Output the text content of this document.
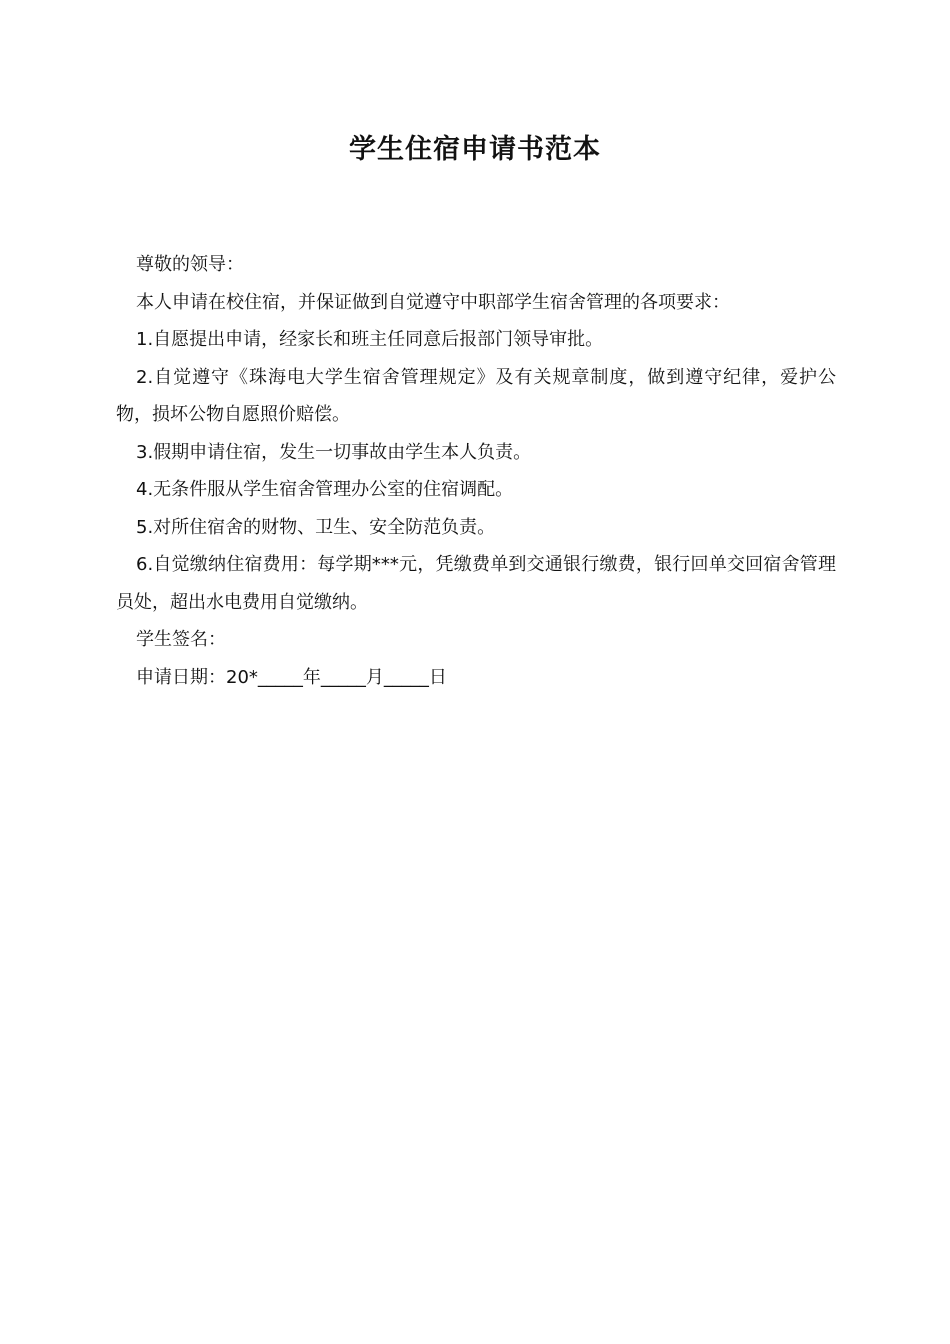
学生住宿申请书范本

尊敬的领导：

本人申请在校住宿，并保证做到自觉遵守中职部学生宿舍管理的各项要求：

1.自愿提出申请，经家长和班主任同意后报部门领导审批。

2.自觉遵守《珠海电大学生宿舍管理规定》及有关规章制度，做到遵守纪律，爱护公物，损坏公物自愿照价赔偿。

3.假期申请住宿，发生一切事故由学生本人负责。

4.无条件服从学生宿舍管理办公室的住宿调配。

5.对所住宿舍的财物、卫生、安全防范负责。

6.自觉缴纳住宿费用：每学期***元，凭缴费单到交通银行缴费，银行回单交回宿舍管理员处，超出水电费用自觉缴纳。

学生签名：

申请日期：20*_____年_____月_____日
